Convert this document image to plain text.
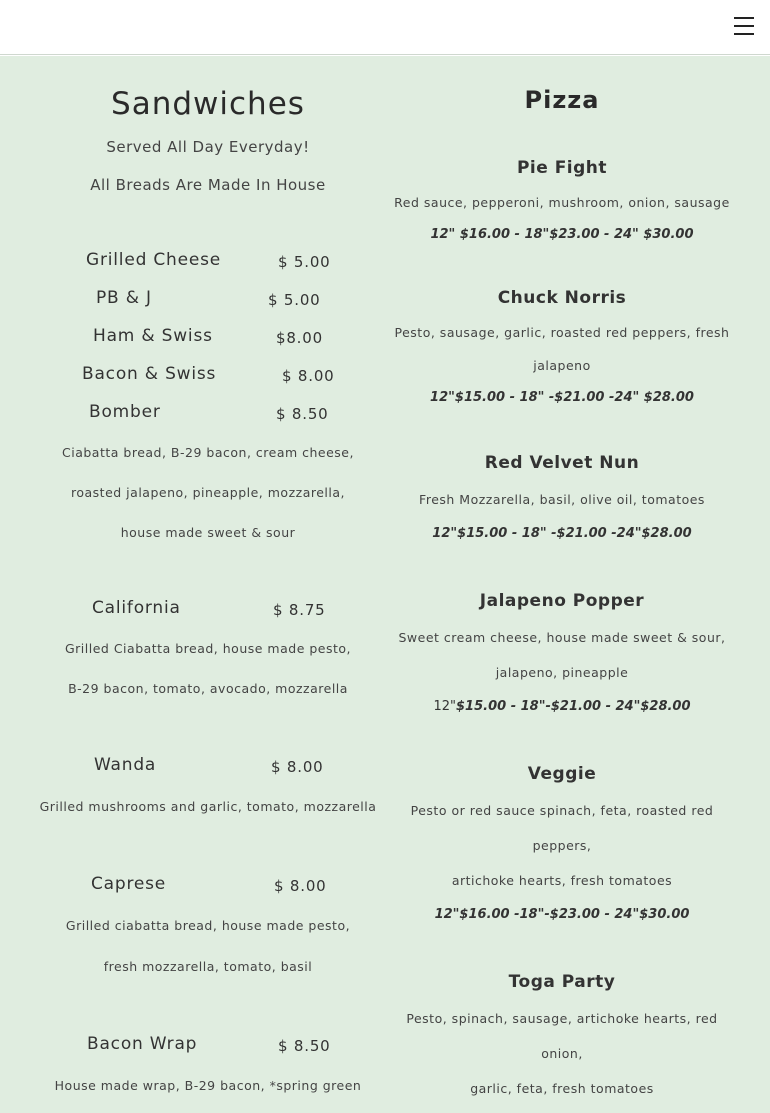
Sandwiches
Served All Day Everyday!
All Breads Are Made In House
Grilled Cheese	$ 5.00
PB & J	$ 5.00
Ham & Swiss	$8.00
Bacon & Swiss	$ 8.00
Bomber	$ 8.50
Ciabatta bread, B-29 bacon, cream cheese,
roasted jalapeno, pineapple, mozzarella,
house made sweet & sour
California	$ 8.75
Grilled Ciabatta bread, house made pesto,
B-29 bacon, tomato, avocado, mozzarella
Wanda	$ 8.00
Grilled mushrooms and garlic, tomato, mozzarella
Caprese	$ 8.00
Grilled ciabatta bread, house made pesto,
fresh mozzarella, tomato, basil
Bacon Wrap	$ 8.50
House made wrap, B-29 bacon, *spring green
Pizza
Pie Fight
Red sauce, pepperoni, mushroom, onion, sausage
12" $16.00 - 18"$23.00 - 24" $30.00
Chuck Norris
Pesto, sausage, garlic, roasted red peppers, fresh
jalapeno
12"$15.00 - 18" -$21.00 -24" $28.00
Red Velvet Nun
Fresh Mozzarella, basil, olive oil, tomatoes
12"$15.00 - 18" -$21.00 -24"$28.00
Jalapeno Popper
Sweet cream cheese, house made sweet & sour,
jalapeno, pineapple
12"$15.00 - 18"-$21.00 - 24"$28.00
Veggie
Pesto or red sauce spinach, feta, roasted red
peppers,
artichoke hearts, fresh tomatoes
12"$16.00 -18"-$23.00 - 24"$30.00
Toga Party
Pesto, spinach, sausage, artichoke hearts, red
onion,
garlic, feta, fresh tomatoes
